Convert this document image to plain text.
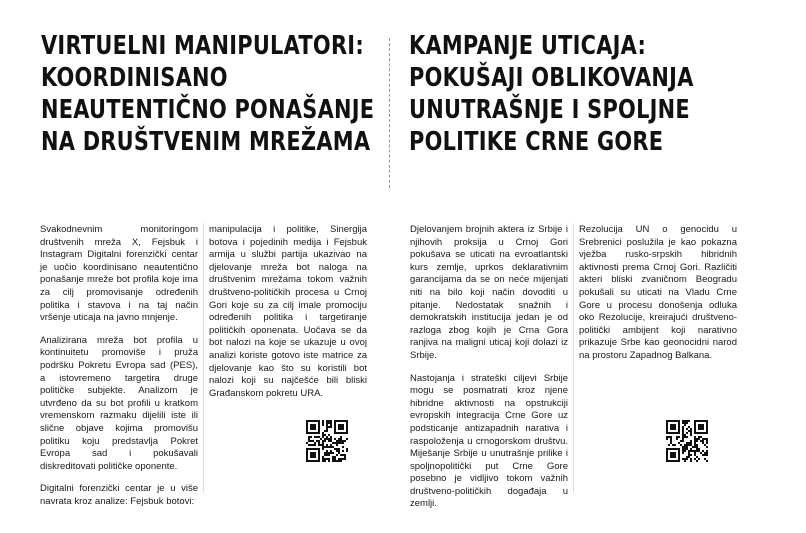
VIRTUELNI MANIPULATORI:
KOORDINISANO
NEAUTENTIČNO PONAŠANJE
NA DRUŠTVENIM MREŽAMA

Svakodnevnim monitoringom društvenih mreža X, Fejsbuk i Instagram Digitalni forenzički centar je uočio koordinisano neautentično ponašanje mreže bot profila koje ima za cilj promovisanje određenih politika i stavova i na taj način vršenje uticaja na javno mnjenje.

Analizirana mreža bot profila u kontinuitetu promoviše i pruža podršku Pokretu Evropa sad (PES), a istovremeno targetira druge političke subjekte. Analizom je utvrđeno da su bot profili u kratkom vremenskom razmaku dijelili iste ili slične objave kojima promovišu politiku koju predstavlja Pokret Evropa sad i pokušavali diskreditovati političke oponente.

Digitalni forenzički centar je u više navrata kroz analize: Fejsbuk botovi:

manipulacija i politike, Sinergija botova i pojedinih medija i Fejsbuk armija u službi partija ukazivao na djelovanje mreža bot naloga na društvenim mrežama tokom važnih društveno-političkih procesa u Crnoj Gori koje su za cilj imale promociju određenih politika i targetiranje političkih oponenata. Uočava se da bot nalozi na koje se ukazuje u ovoj analizi koriste gotovo iste matrice za djelovanje kao što su koristili bot nalozi koji su najčešće bili bliski Građanskom pokretu URA.

KAMPANJE UTICAJA:
POKUŠAJI OBLIKOVANJA
UNUTRAŠNJE I SPOLJNE
POLITIKE CRNE GORE

Djelovanjem brojnih aktera iz Srbije i njihovih proksija u Crnoj Gori pokušava se uticati na evroatlantski kurs zemlje, uprkos deklarativnim garancijama da se on neće mijenjati niti na bilo koji način dovoditi u pitanje. Nedostatak snažnih i demokratskih institucija jedan je od razloga zbog kojih je Crna Gora ranjiva na maligni uticaj koji dolazi iz Srbije.

Nastojanja i strateški ciljevi Srbije mogu se posmatrati kroz njene hibridne aktivnosti na opstrukciji evropskih integracija Crne Gore uz podsticanje antizapadnih narativa i raspoloženja u crnogorskom društvu. Miješanje Srbije u unutrašnje prilike i spoljnopolitički put Crne Gore posebno je vidljivo tokom važnih društveno-političkih događaja u zemlji.

Rezolucija UN o genocidu u Srebrenici poslužila je kao pokazna vježba rusko-srpskih hibridnih aktivnosti prema Crnoj Gori. Različiti akteri bliski zvaničnom Beogradu pokušali su uticati na Vladu Crne Gore u procesu donošenja odluka oko Rezolucije, kreirajući društveno-politički ambijent koji narativno prikazuje Srbe kao geonocidni narod na prostoru Zapadnog Balkana.
